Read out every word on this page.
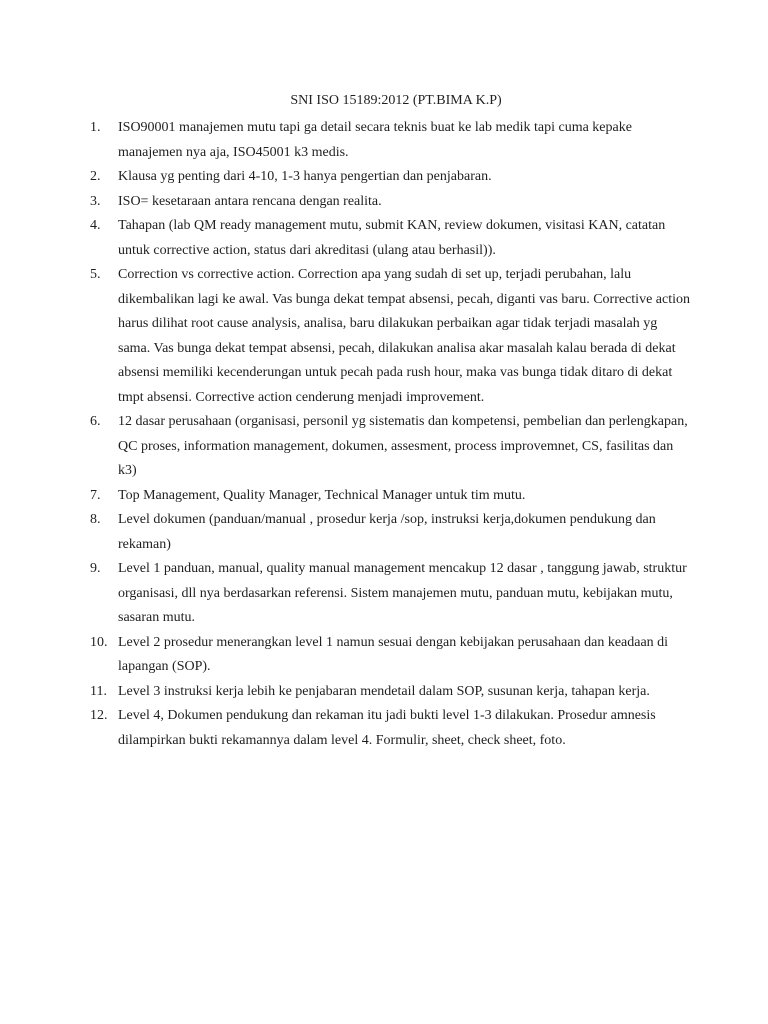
SNI ISO 15189:2012 (PT.BIMA K.P)
1. ISO90001 manajemen mutu tapi ga detail secara teknis buat ke lab medik tapi cuma kepake manajemen nya aja, ISO45001 k3 medis.
2. Klausa yg penting dari 4-10, 1-3 hanya pengertian dan penjabaran.
3. ISO= kesetaraan antara rencana dengan realita.
4. Tahapan (lab QM ready management mutu, submit KAN, review dokumen, visitasi KAN, catatan untuk corrective action, status dari akreditasi (ulang atau berhasil)).
5. Correction vs corrective action. Correction apa yang sudah di set up, terjadi perubahan, lalu dikembalikan lagi ke awal. Vas bunga dekat tempat absensi, pecah, diganti vas baru. Corrective action harus dilihat root cause analysis, analisa, baru dilakukan perbaikan agar tidak terjadi masalah yg sama. Vas bunga dekat tempat absensi, pecah, dilakukan analisa akar masalah kalau berada di dekat absensi memiliki kecenderungan untuk pecah pada rush hour, maka vas bunga tidak ditaro di dekat tmpt absensi. Corrective action cenderung menjadi improvement.
6. 12 dasar perusahaan (organisasi, personil yg sistematis dan kompetensi, pembelian dan perlengkapan, QC proses, information management, dokumen, assesment, process improvemnet, CS, fasilitas dan k3)
7. Top Management, Quality Manager, Technical Manager untuk tim mutu.
8. Level dokumen (panduan/manual , prosedur kerja /sop, instruksi kerja,dokumen pendukung dan rekaman)
9. Level 1 panduan, manual, quality manual management mencakup 12 dasar , tanggung jawab, struktur organisasi, dll nya berdasarkan referensi. Sistem manajemen mutu, panduan mutu, kebijakan mutu, sasaran mutu.
10. Level 2 prosedur menerangkan level 1 namun sesuai dengan kebijakan perusahaan dan keadaan di lapangan (SOP).
11. Level 3 instruksi kerja lebih ke penjabaran mendetail dalam SOP, susunan kerja, tahapan kerja.
12. Level 4, Dokumen pendukung dan rekaman itu jadi bukti level 1-3 dilakukan. Prosedur amnesis dilampirkan bukti rekamannya dalam level 4. Formulir, sheet, check sheet, foto.
